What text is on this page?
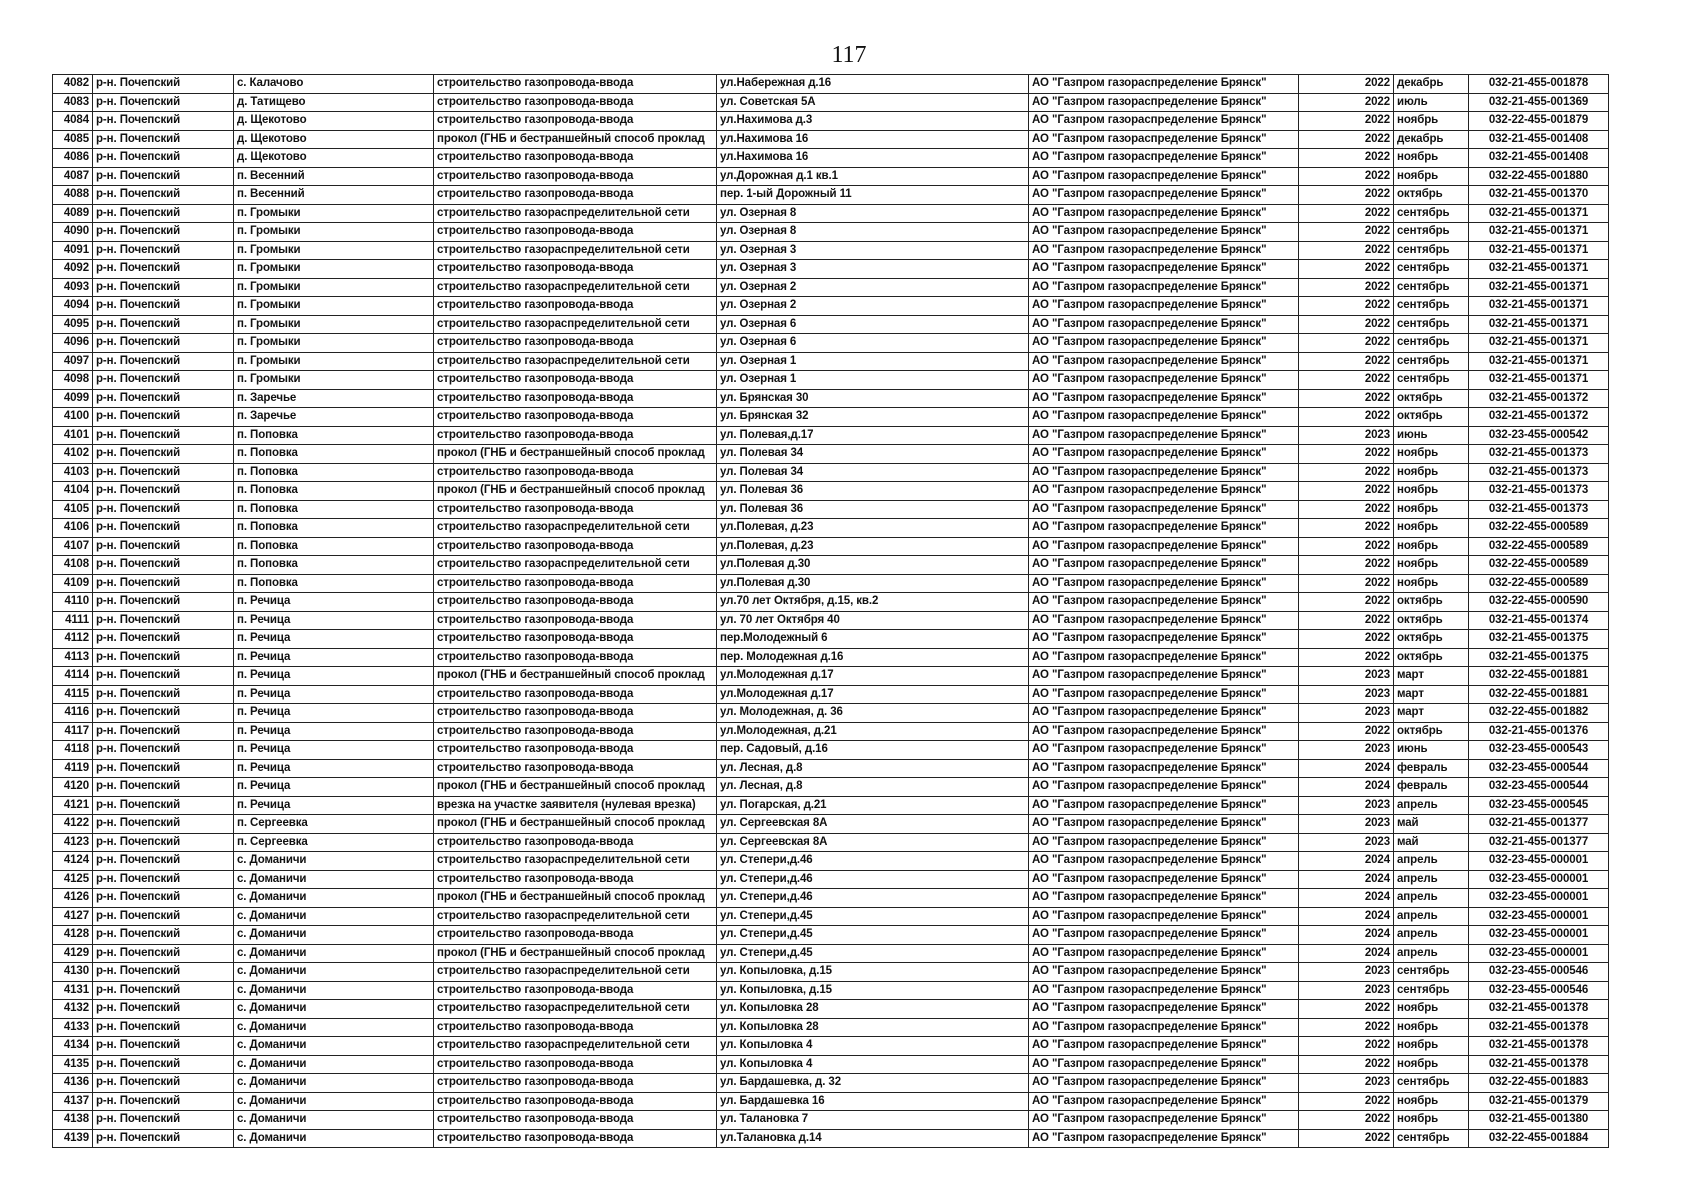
117
4082	р-н. Почепский	с. Калачово	строительство газопровода-ввода	ул.Набережная д.16	АО "Газпром газораспределение Брянск"	2022	декабрь	032-21-455-001878
4083	р-н. Почепский	д. Татищево	строительство газопровода-ввода	ул. Советская 5А	АО "Газпром газораспределение Брянск"	2022	июль	032-21-455-001369
4084	р-н. Почепский	д. Щекотово	строительство газопровода-ввода	ул.Нахимова д.3	АО "Газпром газораспределение Брянск"	2022	ноябрь	032-22-455-001879
4085	р-н. Почепский	д. Щекотово	прокол (ГНБ и бестраншейный способ проклад	ул.Нахимова 16	АО "Газпром газораспределение Брянск"	2022	декабрь	032-21-455-001408
4086	р-н. Почепский	д. Щекотово	строительство газопровода-ввода	ул.Нахимова 16	АО "Газпром газораспределение Брянск"	2022	ноябрь	032-21-455-001408
4087	р-н. Почепский	п. Весенний	строительство газопровода-ввода	ул.Дорожная д.1 кв.1	АО "Газпром газораспределение Брянск"	2022	ноябрь	032-22-455-001880
4088	р-н. Почепский	п. Весенний	строительство газопровода-ввода	пер. 1-ый Дорожный 11	АО "Газпром газораспределение Брянск"	2022	октябрь	032-21-455-001370
4089	р-н. Почепский	п. Громыки	строительство газораспределительной сети	ул. Озерная 8	АО "Газпром газораспределение Брянск"	2022	сентябрь	032-21-455-001371
4090	р-н. Почепский	п. Громыки	строительство газопровода-ввода	ул. Озерная 8	АО "Газпром газораспределение Брянск"	2022	сентябрь	032-21-455-001371
4091	р-н. Почепский	п. Громыки	строительство газораспределительной сети	ул. Озерная 3	АО "Газпром газораспределение Брянск"	2022	сентябрь	032-21-455-001371
4092	р-н. Почепский	п. Громыки	строительство газопровода-ввода	ул. Озерная 3	АО "Газпром газораспределение Брянск"	2022	сентябрь	032-21-455-001371
4093	р-н. Почепский	п. Громыки	строительство газораспределительной сети	ул. Озерная 2	АО "Газпром газораспределение Брянск"	2022	сентябрь	032-21-455-001371
4094	р-н. Почепский	п. Громыки	строительство газопровода-ввода	ул. Озерная 2	АО "Газпром газораспределение Брянск"	2022	сентябрь	032-21-455-001371
4095	р-н. Почепский	п. Громыки	строительство газораспределительной сети	ул. Озерная 6	АО "Газпром газораспределение Брянск"	2022	сентябрь	032-21-455-001371
4096	р-н. Почепский	п. Громыки	строительство газопровода-ввода	ул. Озерная 6	АО "Газпром газораспределение Брянск"	2022	сентябрь	032-21-455-001371
4097	р-н. Почепский	п. Громыки	строительство газораспределительной сети	ул. Озерная 1	АО "Газпром газораспределение Брянск"	2022	сентябрь	032-21-455-001371
4098	р-н. Почепский	п. Громыки	строительство газопровода-ввода	ул. Озерная 1	АО "Газпром газораспределение Брянск"	2022	сентябрь	032-21-455-001371
4099	р-н. Почепский	п. Заречье	строительство газопровода-ввода	ул. Брянская 30	АО "Газпром газораспределение Брянск"	2022	октябрь	032-21-455-001372
4100	р-н. Почепский	п. Заречье	строительство газопровода-ввода	ул. Брянская 32	АО "Газпром газораспределение Брянск"	2022	октябрь	032-21-455-001372
4101	р-н. Почепский	п. Поповка	строительство газопровода-ввода	ул. Полевая,д.17	АО "Газпром газораспределение Брянск"	2023	июнь	032-23-455-000542
4102	р-н. Почепский	п. Поповка	прокол (ГНБ и бестраншейный способ проклад	ул. Полевая 34	АО "Газпром газораспределение Брянск"	2022	ноябрь	032-21-455-001373
4103	р-н. Почепский	п. Поповка	строительство газопровода-ввода	ул. Полевая 34	АО "Газпром газораспределение Брянск"	2022	ноябрь	032-21-455-001373
4104	р-н. Почепский	п. Поповка	прокол (ГНБ и бестраншейный способ проклад	ул. Полевая 36	АО "Газпром газораспределение Брянск"	2022	ноябрь	032-21-455-001373
4105	р-н. Почепский	п. Поповка	строительство газопровода-ввода	ул. Полевая 36	АО "Газпром газораспределение Брянск"	2022	ноябрь	032-21-455-001373
4106	р-н. Почепский	п. Поповка	строительство газораспределительной сети	ул.Полевая, д.23	АО "Газпром газораспределение Брянск"	2022	ноябрь	032-22-455-000589
4107	р-н. Почепский	п. Поповка	строительство газопровода-ввода	ул.Полевая, д.23	АО "Газпром газораспределение Брянск"	2022	ноябрь	032-22-455-000589
4108	р-н. Почепский	п. Поповка	строительство газораспределительной сети	ул.Полевая д.30	АО "Газпром газораспределение Брянск"	2022	ноябрь	032-22-455-000589
4109	р-н. Почепский	п. Поповка	строительство газопровода-ввода	ул.Полевая д.30	АО "Газпром газораспределение Брянск"	2022	ноябрь	032-22-455-000589
4110	р-н. Почепский	п. Речица	строительство газопровода-ввода	ул.70 лет Октября, д.15, кв.2	АО "Газпром газораспределение Брянск"	2022	октябрь	032-22-455-000590
4111	р-н. Почепский	п. Речица	строительство газопровода-ввода	ул. 70 лет Октября 40	АО "Газпром газораспределение Брянск"	2022	октябрь	032-21-455-001374
4112	р-н. Почепский	п. Речица	строительство газопровода-ввода	пер.Молодежный 6	АО "Газпром газораспределение Брянск"	2022	октябрь	032-21-455-001375
4113	р-н. Почепский	п. Речица	строительство газопровода-ввода	пер. Молодежная д.16	АО "Газпром газораспределение Брянск"	2022	октябрь	032-21-455-001375
4114	р-н. Почепский	п. Речица	прокол (ГНБ и бестраншейный способ проклад	ул.Молодежная д.17	АО "Газпром газораспределение Брянск"	2023	март	032-22-455-001881
4115	р-н. Почепский	п. Речица	строительство газопровода-ввода	ул.Молодежная д.17	АО "Газпром газораспределение Брянск"	2023	март	032-22-455-001881
4116	р-н. Почепский	п. Речица	строительство газопровода-ввода	ул. Молодежная, д. 36	АО "Газпром газораспределение Брянск"	2023	март	032-22-455-001882
4117	р-н. Почепский	п. Речица	строительство газопровода-ввода	ул.Молодежная, д.21	АО "Газпром газораспределение Брянск"	2022	октябрь	032-21-455-001376
4118	р-н. Почепский	п. Речица	строительство газопровода-ввода	пер. Садовый, д.16	АО "Газпром газораспределение Брянск"	2023	июнь	032-23-455-000543
4119	р-н. Почепский	п. Речица	строительство газопровода-ввода	ул. Лесная, д.8	АО "Газпром газораспределение Брянск"	2024	февраль	032-23-455-000544
4120	р-н. Почепский	п. Речица	прокол (ГНБ и бестраншейный способ проклад	ул. Лесная, д.8	АО "Газпром газораспределение Брянск"	2024	февраль	032-23-455-000544
4121	р-н. Почепский	п. Речица	врезка на участке заявителя (нулевая врезка)	ул. Погарская, д.21	АО "Газпром газораспределение Брянск"	2023	апрель	032-23-455-000545
4122	р-н. Почепский	п. Сергеевка	прокол (ГНБ и бестраншейный способ проклад	ул. Сергеевская 8А	АО "Газпром газораспределение Брянск"	2023	май	032-21-455-001377
4123	р-н. Почепский	п. Сергеевка	строительство газопровода-ввода	ул. Сергеевская 8А	АО "Газпром газораспределение Брянск"	2023	май	032-21-455-001377
4124	р-н. Почепский	с. Доманичи	строительство газораспределительной сети	ул. Степери,д.46	АО "Газпром газораспределение Брянск"	2024	апрель	032-23-455-000001
4125	р-н. Почепский	с. Доманичи	строительство газопровода-ввода	ул. Степери,д.46	АО "Газпром газораспределение Брянск"	2024	апрель	032-23-455-000001
4126	р-н. Почепский	с. Доманичи	прокол (ГНБ и бестраншейный способ проклад	ул. Степери,д.46	АО "Газпром газораспределение Брянск"	2024	апрель	032-23-455-000001
4127	р-н. Почепский	с. Доманичи	строительство газораспределительной сети	ул. Степери,д.45	АО "Газпром газораспределение Брянск"	2024	апрель	032-23-455-000001
4128	р-н. Почепский	с. Доманичи	строительство газопровода-ввода	ул. Степери,д.45	АО "Газпром газораспределение Брянск"	2024	апрель	032-23-455-000001
4129	р-н. Почепский	с. Доманичи	прокол (ГНБ и бестраншейный способ проклад	ул. Степери,д.45	АО "Газпром газораспределение Брянск"	2024	апрель	032-23-455-000001
4130	р-н. Почепский	с. Доманичи	строительство газораспределительной сети	ул. Копыловка, д.15	АО "Газпром газораспределение Брянск"	2023	сентябрь	032-23-455-000546
4131	р-н. Почепский	с. Доманичи	строительство газопровода-ввода	ул. Копыловка, д.15	АО "Газпром газораспределение Брянск"	2023	сентябрь	032-23-455-000546
4132	р-н. Почепский	с. Доманичи	строительство газораспределительной сети	ул. Копыловка 28	АО "Газпром газораспределение Брянск"	2022	ноябрь	032-21-455-001378
4133	р-н. Почепский	с. Доманичи	строительство газопровода-ввода	ул. Копыловка 28	АО "Газпром газораспределение Брянск"	2022	ноябрь	032-21-455-001378
4134	р-н. Почепский	с. Доманичи	строительство газораспределительной сети	ул. Копыловка 4	АО "Газпром газораспределение Брянск"	2022	ноябрь	032-21-455-001378
4135	р-н. Почепский	с. Доманичи	строительство газопровода-ввода	ул. Копыловка 4	АО "Газпром газораспределение Брянск"	2022	ноябрь	032-21-455-001378
4136	р-н. Почепский	с. Доманичи	строительство газопровода-ввода	ул. Бардашевка, д. 32	АО "Газпром газораспределение Брянск"	2023	сентябрь	032-22-455-001883
4137	р-н. Почепский	с. Доманичи	строительство газопровода-ввода	ул. Бардашевка 16	АО "Газпром газораспределение Брянск"	2022	ноябрь	032-21-455-001379
4138	р-н. Почепский	с. Доманичи	строительство газопровода-ввода	ул. Талановка 7	АО "Газпром газораспределение Брянск"	2022	ноябрь	032-21-455-001380
4139	р-н. Почепский	с. Доманичи	строительство газопровода-ввода	ул.Талановка д.14	АО "Газпром газораспределение Брянск"	2022	сентябрь	032-22-455-001884
